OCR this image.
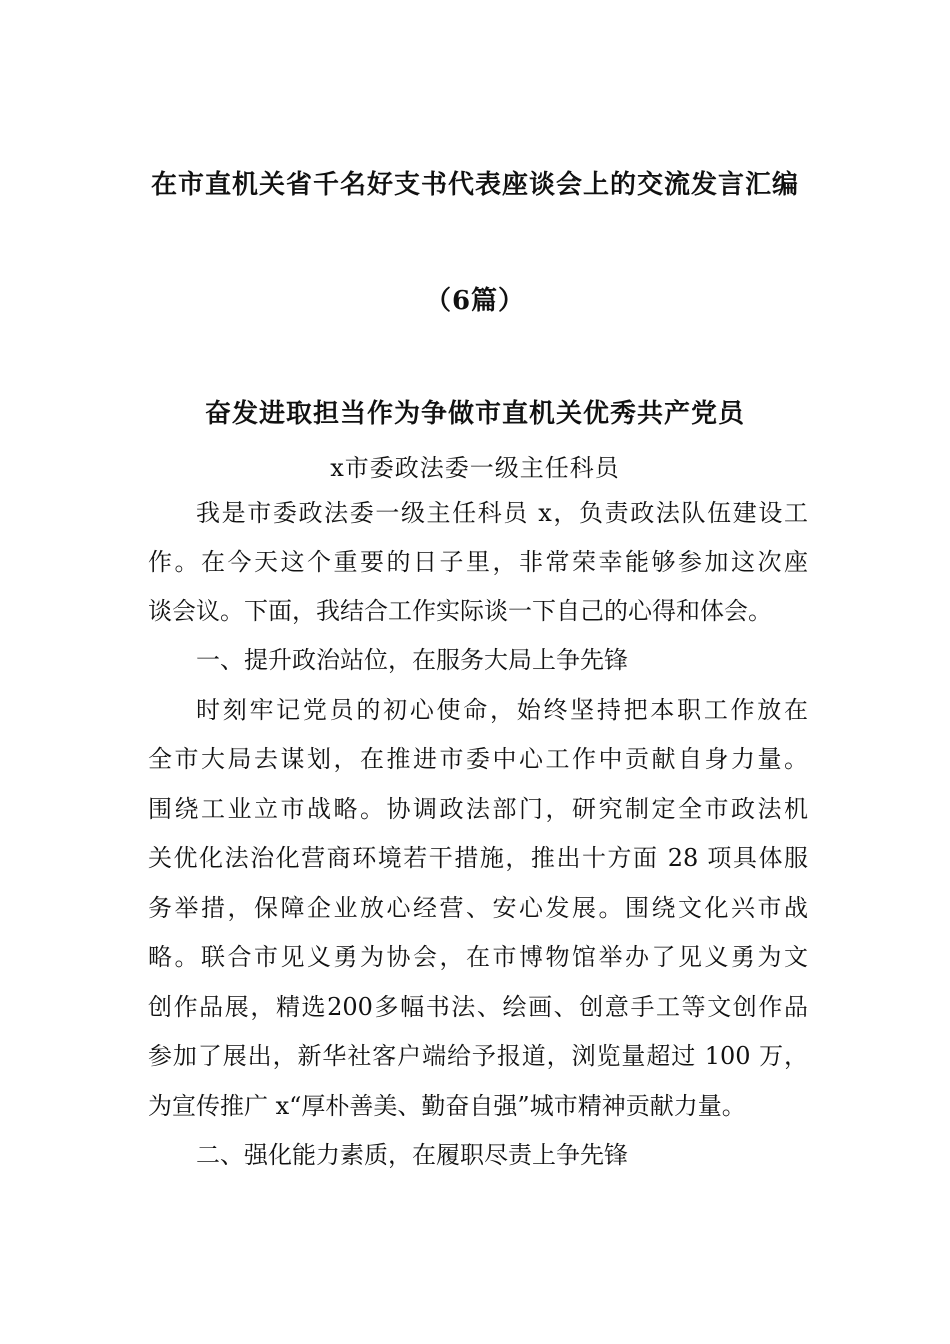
在市直机关省千名好支书代表座谈会上的交流发言汇编
（6篇）
奋发进取担当作为争做市直机关优秀共产党员
x市委政法委一级主任科员
我是市委政法委一级主任科员 x，负责政法队伍建设工
作。在今天这个重要的日子里，非常荣幸能够参加这次座
谈会议。下面，我结合工作实际谈一下自己的心得和体会。
一、提升政治站位，在服务大局上争先锋
时刻牢记党员的初心使命，始终坚持把本职工作放在
全市大局去谋划，在推进市委中心工作中贡献自身力量。
围绕工业立市战略。协调政法部门，研究制定全市政法机
关优化法治化营商环境若干措施，推出十方面 28 项具体服
务举措，保障企业放心经营、安心发展。围绕文化兴市战
略。联合市见义勇为协会，在市博物馆举办了见义勇为文
创作品展，精选200多幅书法、绘画、创意手工等文创作品
参加了展出，新华社客户端给予报道，浏览量超过 100 万，
为宣传推广 x“厚朴善美、勤奋自强”城市精神贡献力量。
二、强化能力素质，在履职尽责上争先锋
